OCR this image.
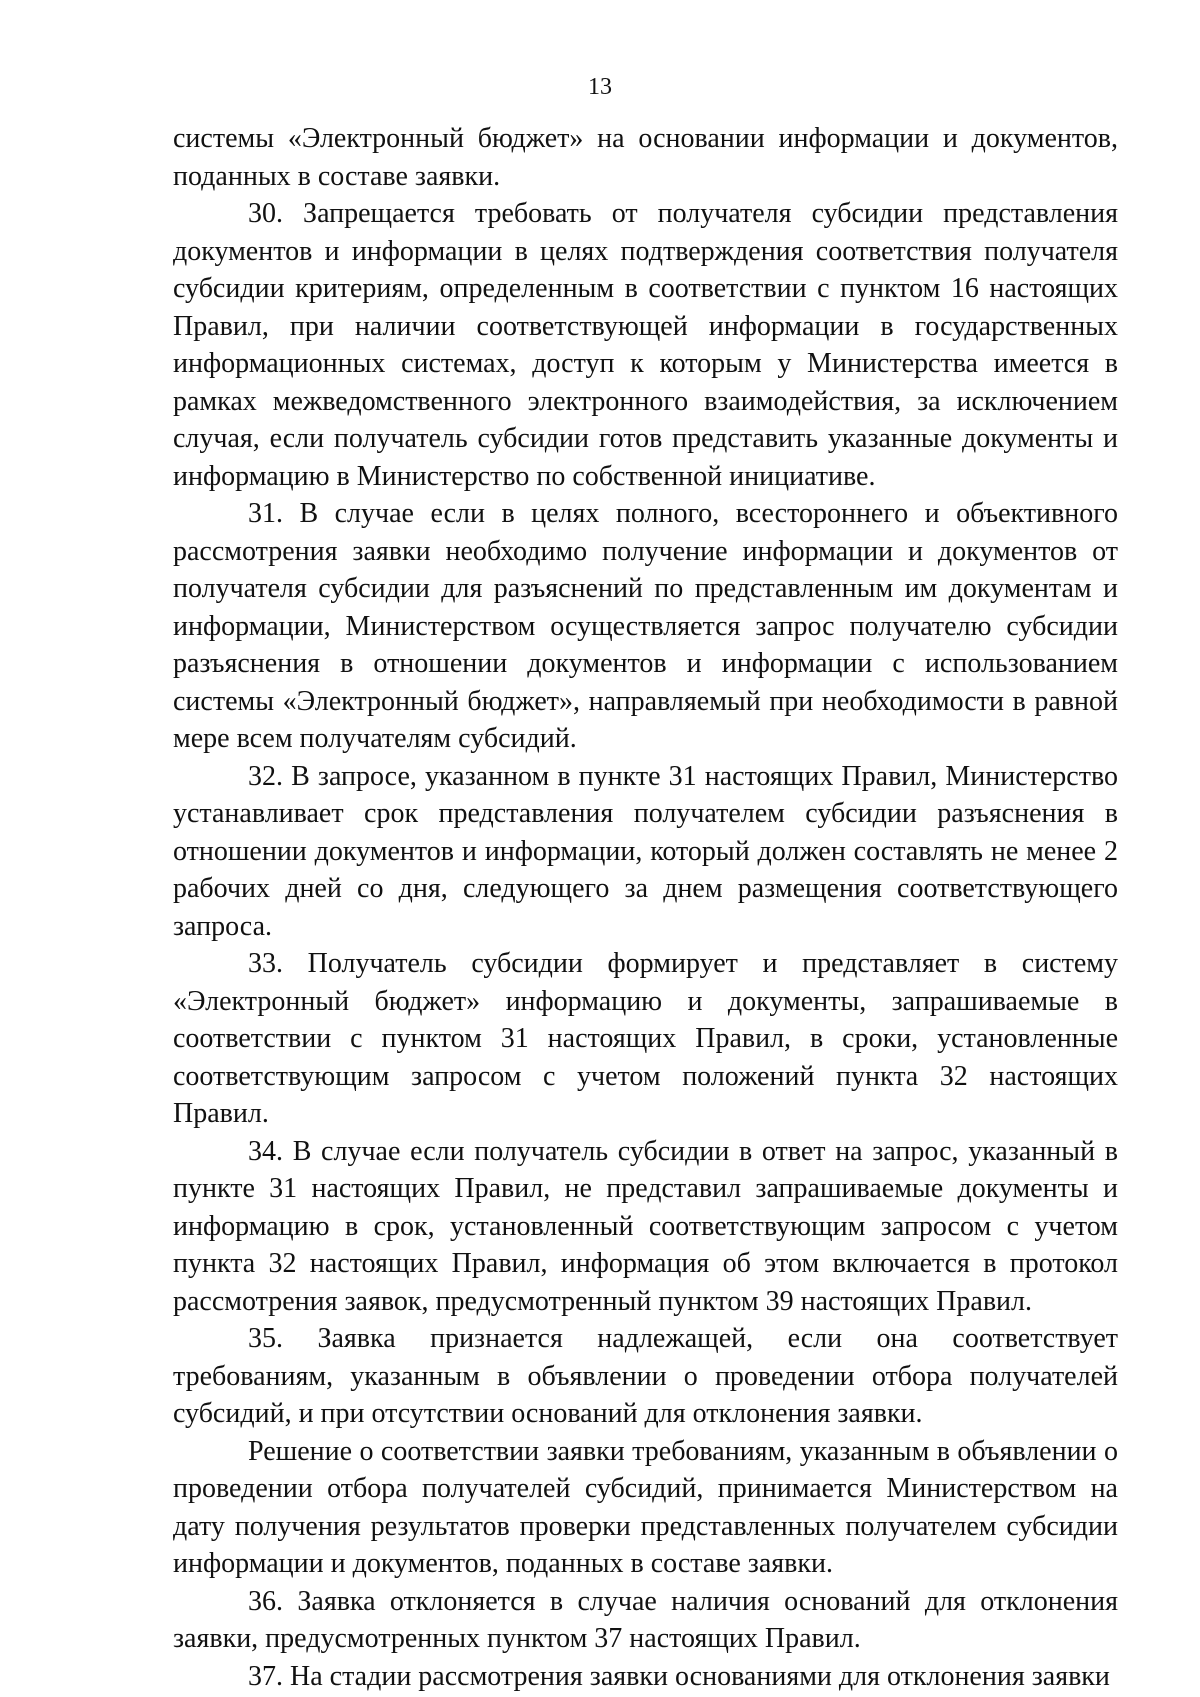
13

системы «Электронный бюджет» на основании информации и документов, поданных в составе заявки.

30. Запрещается требовать от получателя субсидии представления документов и информации в целях подтверждения соответствия получателя субсидии критериям, определенным в соответствии с пунктом 16 настоящих Правил, при наличии соответствующей информации в государственных информационных системах, доступ к которым у Министерства имеется в рамках межведомственного электронного взаимодействия, за исключением случая, если получатель субсидии готов представить указанные документы и информацию в Министерство по собственной инициативе.

31. В случае если в целях полного, всестороннего и объективного рассмотрения заявки необходимо получение информации и документов от получателя субсидии для разъяснений по представленным им документам и информации, Министерством осуществляется запрос получателю субсидии разъяснения в отношении документов и информации с использованием системы «Электронный бюджет», направляемый при необходимости в равной мере всем получателям субсидий.

32. В запросе, указанном в пункте 31 настоящих Правил, Министерство устанавливает срок представления получателем субсидии разъяснения в отношении документов и информации, который должен составлять не менее 2 рабочих дней со дня, следующего за днем размещения соответствующего запроса.

33. Получатель субсидии формирует и представляет в систему «Электронный бюджет» информацию и документы, запрашиваемые в соответствии с пунктом 31 настоящих Правил, в сроки, установленные соответствующим запросом с учетом положений пункта 32 настоящих Правил.

34. В случае если получатель субсидии в ответ на запрос, указанный в пункте 31 настоящих Правил, не представил запрашиваемые документы и информацию в срок, установленный соответствующим запросом с учетом пункта 32 настоящих Правил, информация об этом включается в протокол рассмотрения заявок, предусмотренный пунктом 39 настоящих Правил.

35. Заявка признается надлежащей, если она соответствует требованиям, указанным в объявлении о проведении отбора получателей субсидий, и при отсутствии оснований для отклонения заявки.

Решение о соответствии заявки требованиям, указанным в объявлении о проведении отбора получателей субсидий, принимается Министерством на дату получения результатов проверки представленных получателем субсидии информации и документов, поданных в составе заявки.

36. Заявка отклоняется в случае наличия оснований для отклонения заявки, предусмотренных пунктом 37 настоящих Правил.

37. На стадии рассмотрения заявки основаниями для отклонения заявки
